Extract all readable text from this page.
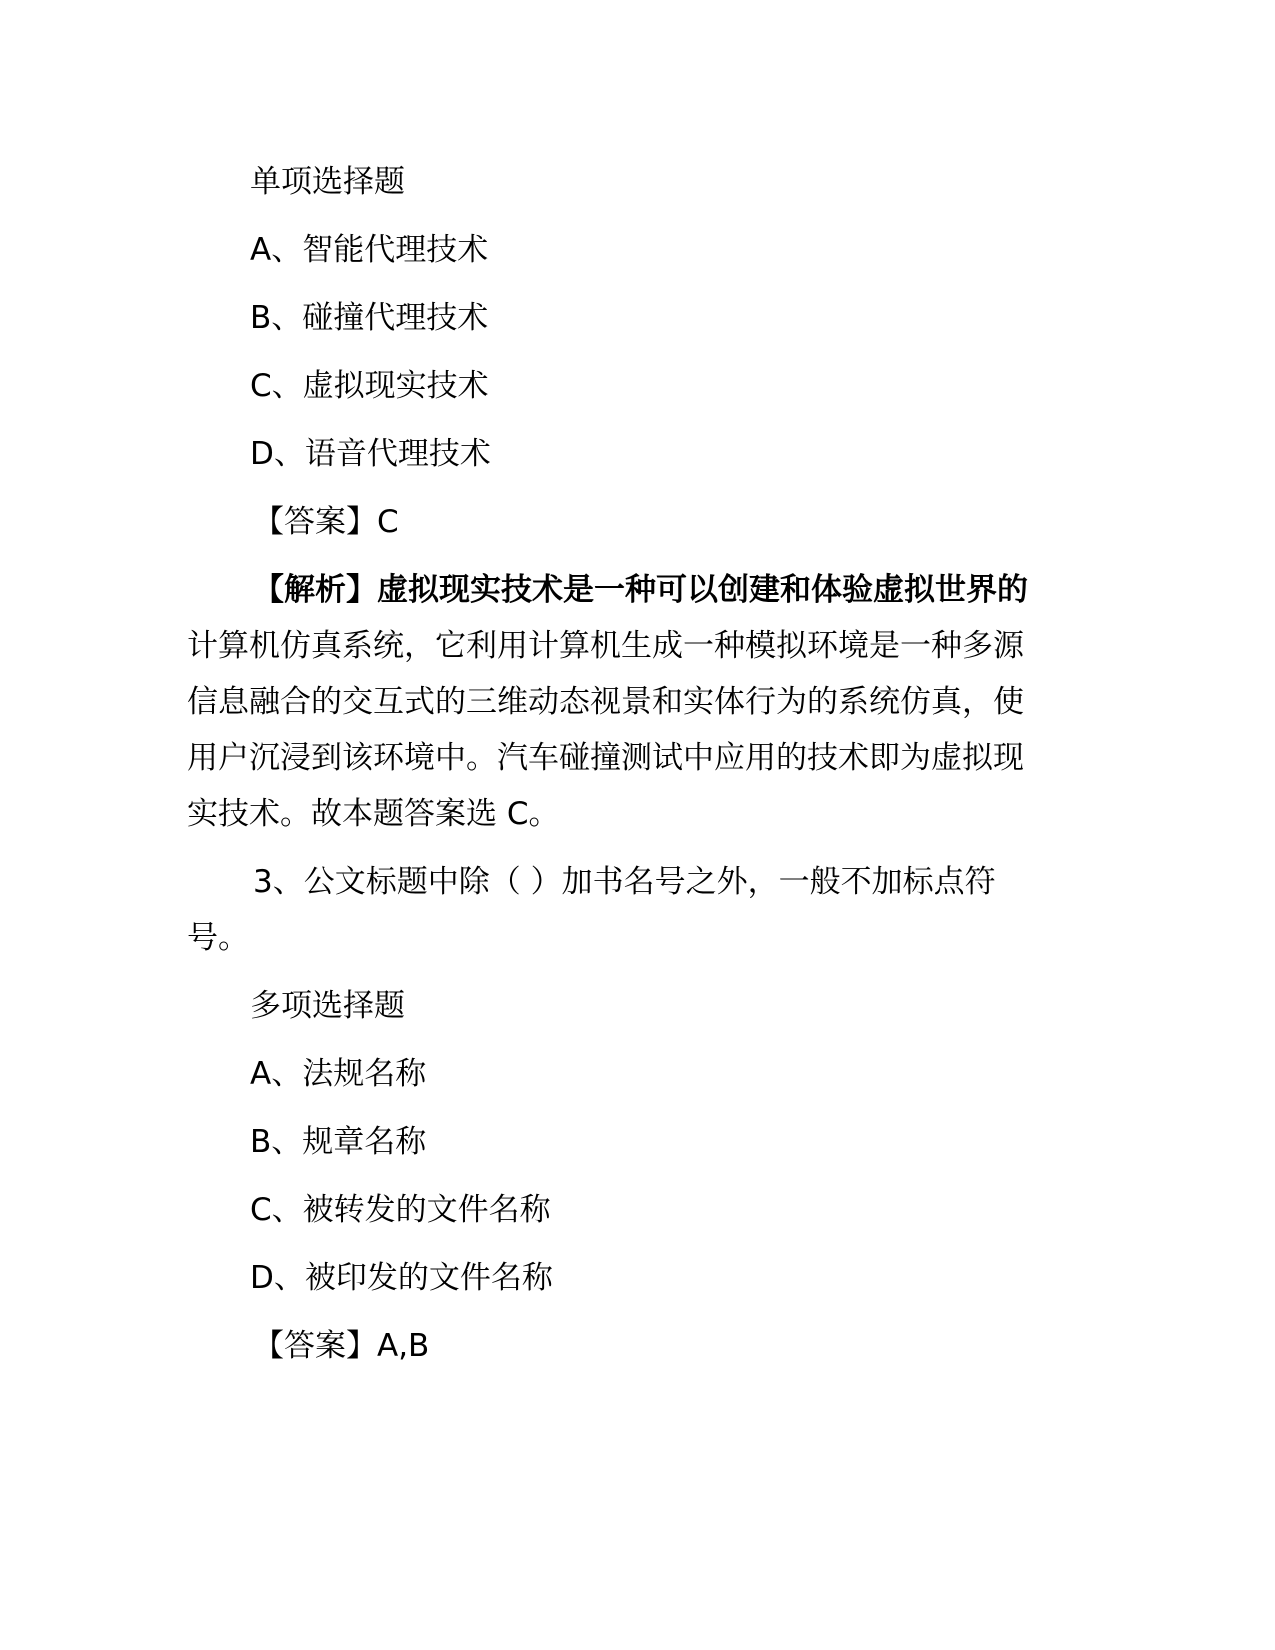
单项选择题
A、智能代理技术
B、碰撞代理技术
C、虚拟现实技术
D、语音代理技术
【答案】C
【解析】虚拟现实技术是一种可以创建和体验虚拟世界的
计算机仿真系统，它利用计算机生成一种模拟环境是一种多源
信息融合的交互式的三维动态视景和实体行为的系统仿真，使
用户沉浸到该环境中。汽车碰撞测试中应用的技术即为虚拟现
实技术。故本题答案选 C。
3、公文标题中除（ ）加书名号之外，一般不加标点符
号。
多项选择题
A、法规名称
B、规章名称
C、被转发的文件名称
D、被印发的文件名称
【答案】A,B
